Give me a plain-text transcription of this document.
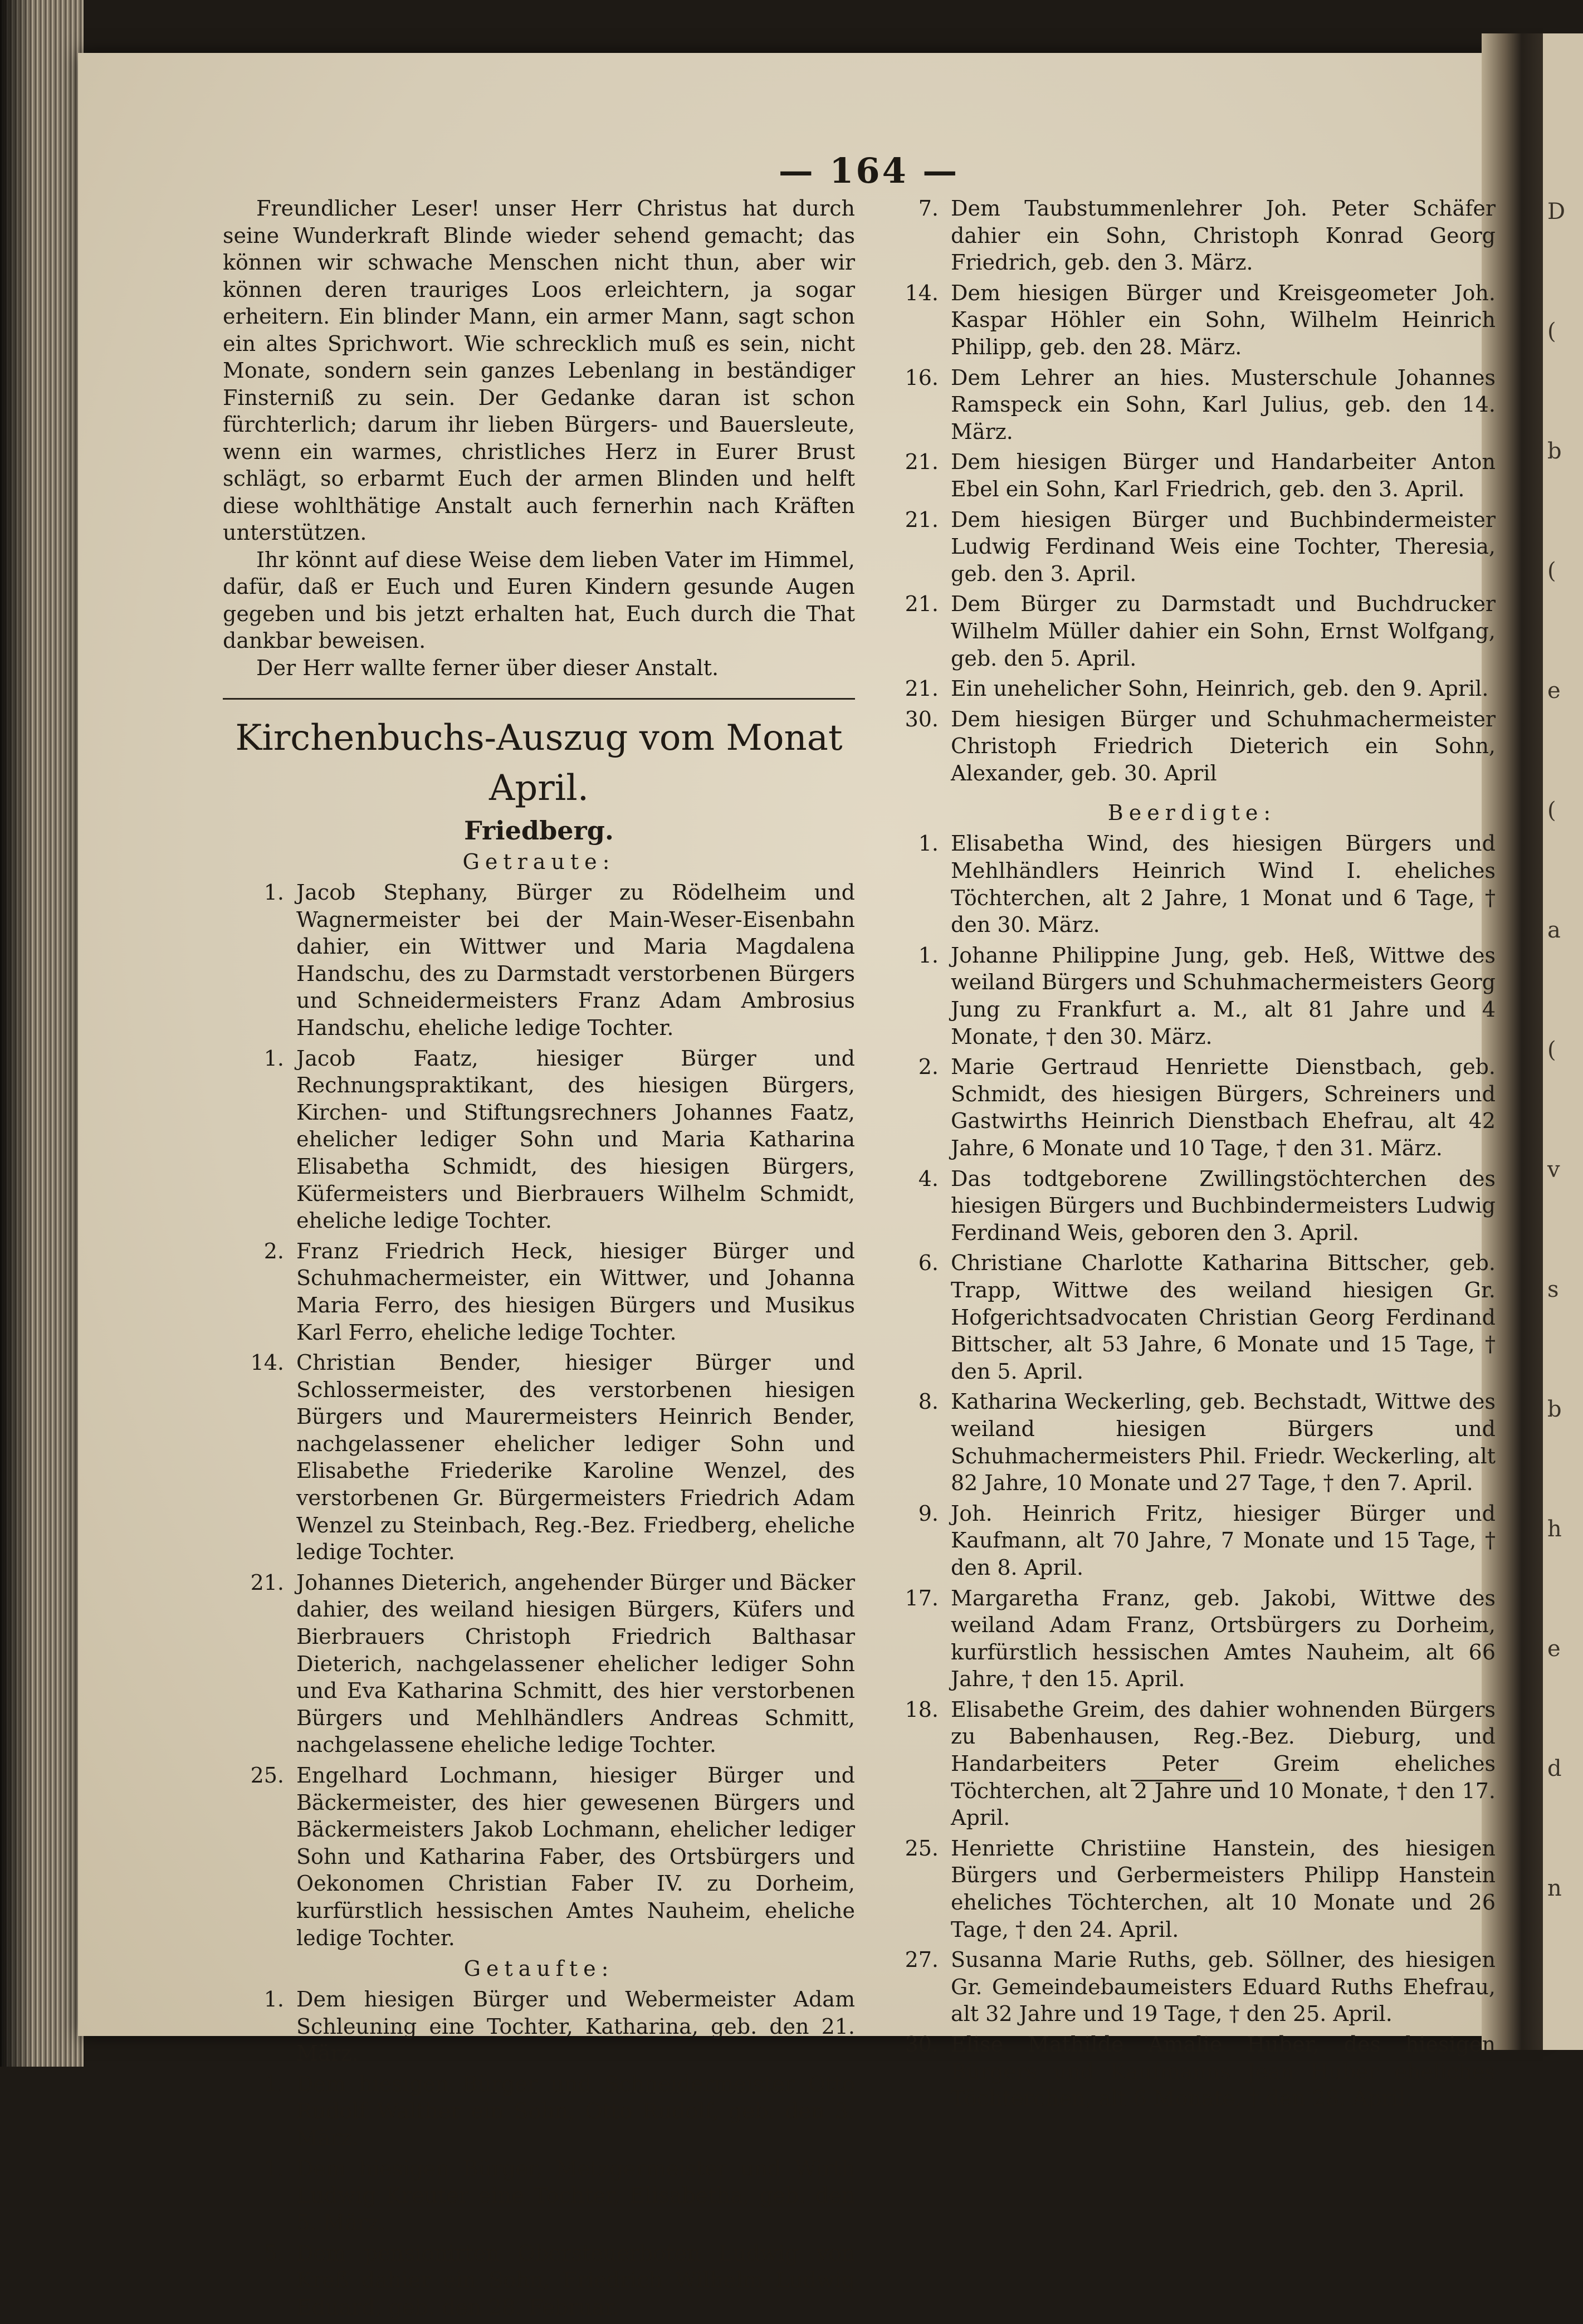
D
(
b
(
e
(
a
(
v
s
b
h
e
d
n
— 164 —

Freundlicher Leser! unser Herr Christus hat durch seine Wunderkraft Blinde wieder sehend gemacht; das können wir schwache Menschen nicht thun, aber wir können deren trauriges Loos erleichtern, ja sogar erheitern. Ein blinder Mann, ein armer Mann, sagt schon ein altes Sprichwort. Wie schrecklich muß es sein, nicht Monate, sondern sein ganzes Lebenlang in beständiger Finsterniß zu sein. Der Gedanke daran ist schon fürchterlich; darum ihr lieben Bürgers- und Bauersleute, wenn ein warmes, christliches Herz in Eurer Brust schlägt, so erbarmt Euch der armen Blinden und helft diese wohlthätige Anstalt auch fernerhin nach Kräften unterstützen.

Ihr könnt auf diese Weise dem lieben Vater im Himmel, dafür, daß er Euch und Euren Kindern gesunde Augen gegeben und bis jetzt erhalten hat, Euch durch die That dankbar beweisen.

Der Herr wallte ferner über dieser Anstalt.

Kirchenbuchs-Auszug vom Monat April.
Friedberg.
Getraute:
1. Jacob Stephany, Bürger zu Rödelheim und Wagnermeister bei der Main-Weser-Eisenbahn dahier, ein Wittwer und Maria Magdalena Handschu, des zu Darmstadt verstorbenen Bürgers und Schneidermeisters Franz Adam Ambrosius Handschu, eheliche ledige Tochter.
1. Jacob Faatz, hiesiger Bürger und Rechnungspraktikant, des hiesigen Bürgers, Kirchen- und Stiftungsrechners Johannes Faatz, ehelicher lediger Sohn und Maria Katharina Elisabetha Schmidt, des hiesigen Bürgers, Küfermeisters und Bierbrauers Wilhelm Schmidt, eheliche ledige Tochter.
2. Franz Friedrich Heck, hiesiger Bürger und Schuhmachermeister, ein Wittwer, und Johanna Maria Ferro, des hiesigen Bürgers und Musikus Karl Ferro, eheliche ledige Tochter.
14. Christian Bender, hiesiger Bürger und Schlossermeister, des verstorbenen hiesigen Bürgers und Maurermeisters Heinrich Bender, nachgelassener ehelicher lediger Sohn und Elisabethe Friederike Karoline Wenzel, des verstorbenen Gr. Bürgermeisters Friedrich Adam Wenzel zu Steinbach, Reg.-Bez. Friedberg, eheliche ledige Tochter.
21. Johannes Dieterich, angehender Bürger und Bäcker dahier, des weiland hiesigen Bürgers, Küfers und Bierbrauers Christoph Friedrich Balthasar Dieterich, nachgelassener ehelicher lediger Sohn und Eva Katharina Schmitt, des hier verstorbenen Bürgers und Mehlhändlers Andreas Schmitt, nachgelassene eheliche ledige Tochter.
25. Engelhard Lochmann, hiesiger Bürger und Bäckermeister, des hier gewesenen Bürgers und Bäckermeisters Jakob Lochmann, ehelicher lediger Sohn und Katharina Faber, des Ortsbürgers und Oekonomen Christian Faber IV. zu Dorheim, kurfürstlich hessischen Amtes Nauheim, eheliche ledige Tochter.
Getaufte:
1. Dem hiesigen Bürger und Webermeister Adam Schleuning eine Tochter, Katharina, geb. den 21. März.
1. Dem hiesigen Bürger und Schneidermeister Otto Rudolf Walther ein Sohn, Otto Rudolf, geb. den 3. März.
1. Dem hiesigen Bürger, Metzgermeister und Wirth Ludwig Kreuter eine Tochter, Elisabetha, geb. den 5. März.
5. Dem pensionirten Obersteuerboten Ludwig von Kreß dahier ein Sohn, Friedrich Wilhelm Ludwig Eduard, geb. den 28. Februar.
7. Dem Taubstummenlehrer Joh. Peter Schäfer dahier ein Sohn, Christoph Konrad Georg Friedrich, geb. den 3. März.
14. Dem hiesigen Bürger und Kreisgeometer Joh. Kaspar Höhler ein Sohn, Wilhelm Heinrich Philipp, geb. den 28. März.
16. Dem Lehrer an hies. Musterschule Johannes Ramspeck ein Sohn, Karl Julius, geb. den 14. März.
21. Dem hiesigen Bürger und Handarbeiter Anton Ebel ein Sohn, Karl Friedrich, geb. den 3. April.
21. Dem hiesigen Bürger und Buchbindermeister Ludwig Ferdinand Weis eine Tochter, Theresia, geb. den 3. April.
21. Dem Bürger zu Darmstadt und Buchdrucker Wilhelm Müller dahier ein Sohn, Ernst Wolfgang, geb. den 5. April.
21. Ein unehelicher Sohn, Heinrich, geb. den 9. April.
30. Dem hiesigen Bürger und Schuhmachermeister Christoph Friedrich Dieterich ein Sohn, Alexander, geb. 30. April
Beerdigte:
1. Elisabetha Wind, des hiesigen Bürgers und Mehlhändlers Heinrich Wind I. eheliches Töchterchen, alt 2 Jahre, 1 Monat und 6 Tage, † den 30. März.
1. Johanne Philippine Jung, geb. Heß, Wittwe des weiland Bürgers und Schuhmachermeisters Georg Jung zu Frankfurt a. M., alt 81 Jahre und 4 Monate, † den 30. März.
2. Marie Gertraud Henriette Dienstbach, geb. Schmidt, des hiesigen Bürgers, Schreiners und Gastwirths Heinrich Dienstbach Ehefrau, alt 42 Jahre, 6 Monate und 10 Tage, † den 31. März.
4. Das todtgeborene Zwillingstöchterchen des hiesigen Bürgers und Buchbindermeisters Ludwig Ferdinand Weis, geboren den 3. April.
6. Christiane Charlotte Katharina Bittscher, geb. Trapp, Wittwe des weiland hiesigen Gr. Hofgerichtsadvocaten Christian Georg Ferdinand Bittscher, alt 53 Jahre, 6 Monate und 15 Tage, † den 5. April.
8. Katharina Weckerling, geb. Bechstadt, Wittwe des weiland hiesigen Bürgers und Schuhmachermeisters Phil. Friedr. Weckerling, alt 82 Jahre, 10 Monate und 27 Tage, † den 7. April.
9. Joh. Heinrich Fritz, hiesiger Bürger und Kaufmann, alt 70 Jahre, 7 Monate und 15 Tage, † den 8. April.
17. Margaretha Franz, geb. Jakobi, Wittwe des weiland Adam Franz, Ortsbürgers zu Dorheim, kurfürstlich hessischen Amtes Nauheim, alt 66 Jahre, † den 15. April.
18. Elisabethe Greim, des dahier wohnenden Bürgers zu Babenhausen, Reg.-Bez. Dieburg, und Handarbeiters Peter Greim eheliches Töchterchen, alt 2 Jahre und 10 Monate, † den 17. April.
25. Henriette Christiine Hanstein, des hiesigen Bürgers und Gerbermeisters Philipp Hanstein eheliches Töchterchen, alt 10 Monate und 26 Tage, † den 24. April.
27. Susanna Marie Ruths, geb. Söllner, des hiesigen Gr. Gemeindebaumeisters Eduard Ruths Ehefrau, alt 32 Jahre und 19 Tage, † den 25. April.
30. Elise Mathilde Amalie Huber, des hiesigen Bürgers und Kaufmanns Jean Huber eheliches Töchterchen, alt 6 Monate, † den 28. April.
